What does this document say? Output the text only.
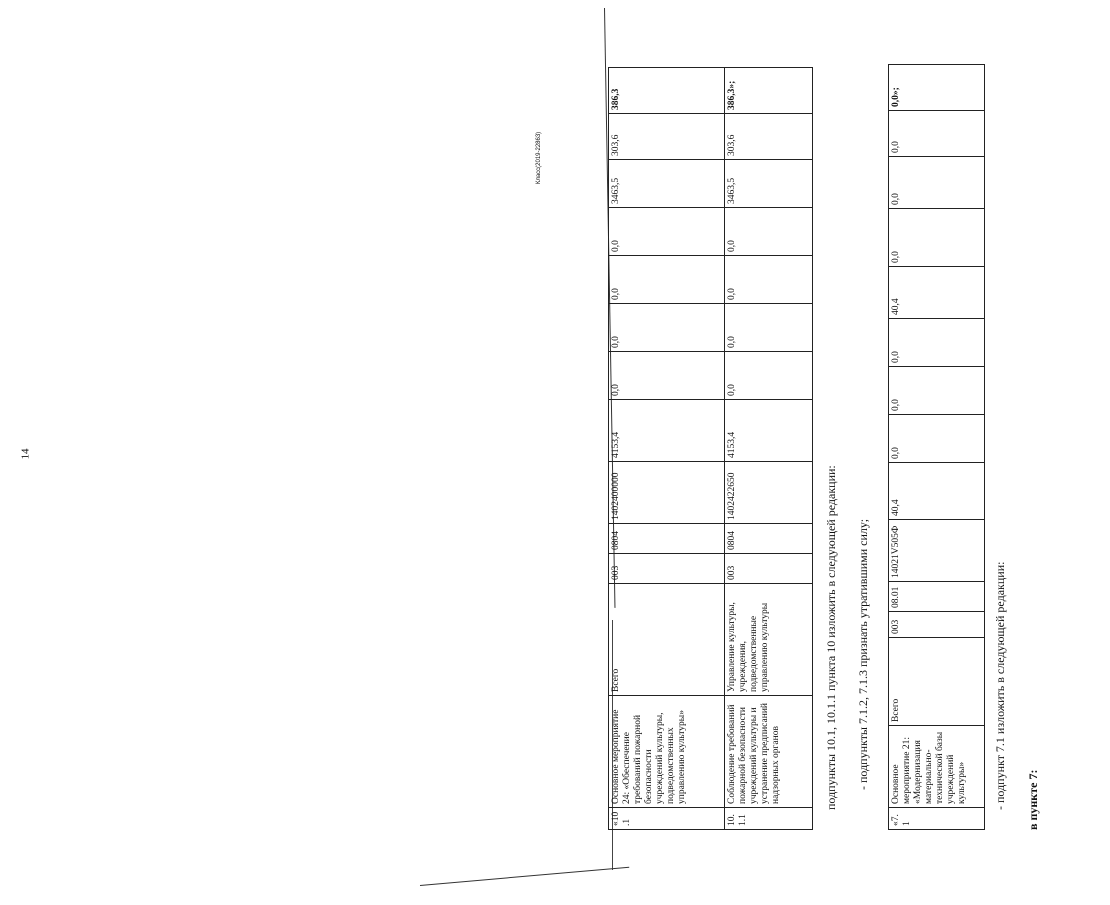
14
Класс(2019-22863)
в пункте 7:
- подпункт 7.1 изложить в следующей редакции:
«7.1	Основное мероприятие 21: «Модернизация материально-технической базы учреждений культуры»	Всего	003	08.01	14021V505Ф	40,4	0,0	0,0	0,0	40,4	0,0	0,0	0,0	0,0»;
- подпункты 7.1.2, 7.1.3 признать утратившими силу;
подпункты 10.1, 10.1.1 пункта 10 изложить в следующей редакции:
«10.1	Основное мероприятие 24: «Обеспечение требований пожарной безопасности учреждений культуры, подведомственных управлению культуры»	Всего	003	0804	1402400000	4153,4	0,0	0,0	0,0	0,0	3463,5	303,6	386,3
10.1.1	Соблюдение требований пожарной безопасности учреждений культуры и устранение предписаний надзорных органов	Управление культуры, учреждения, подведомственные управлению культуры	003	0804	1402422650	4153,4	0,0	0,0	0,0	0,0	3463,5	303,6	386,3»;
